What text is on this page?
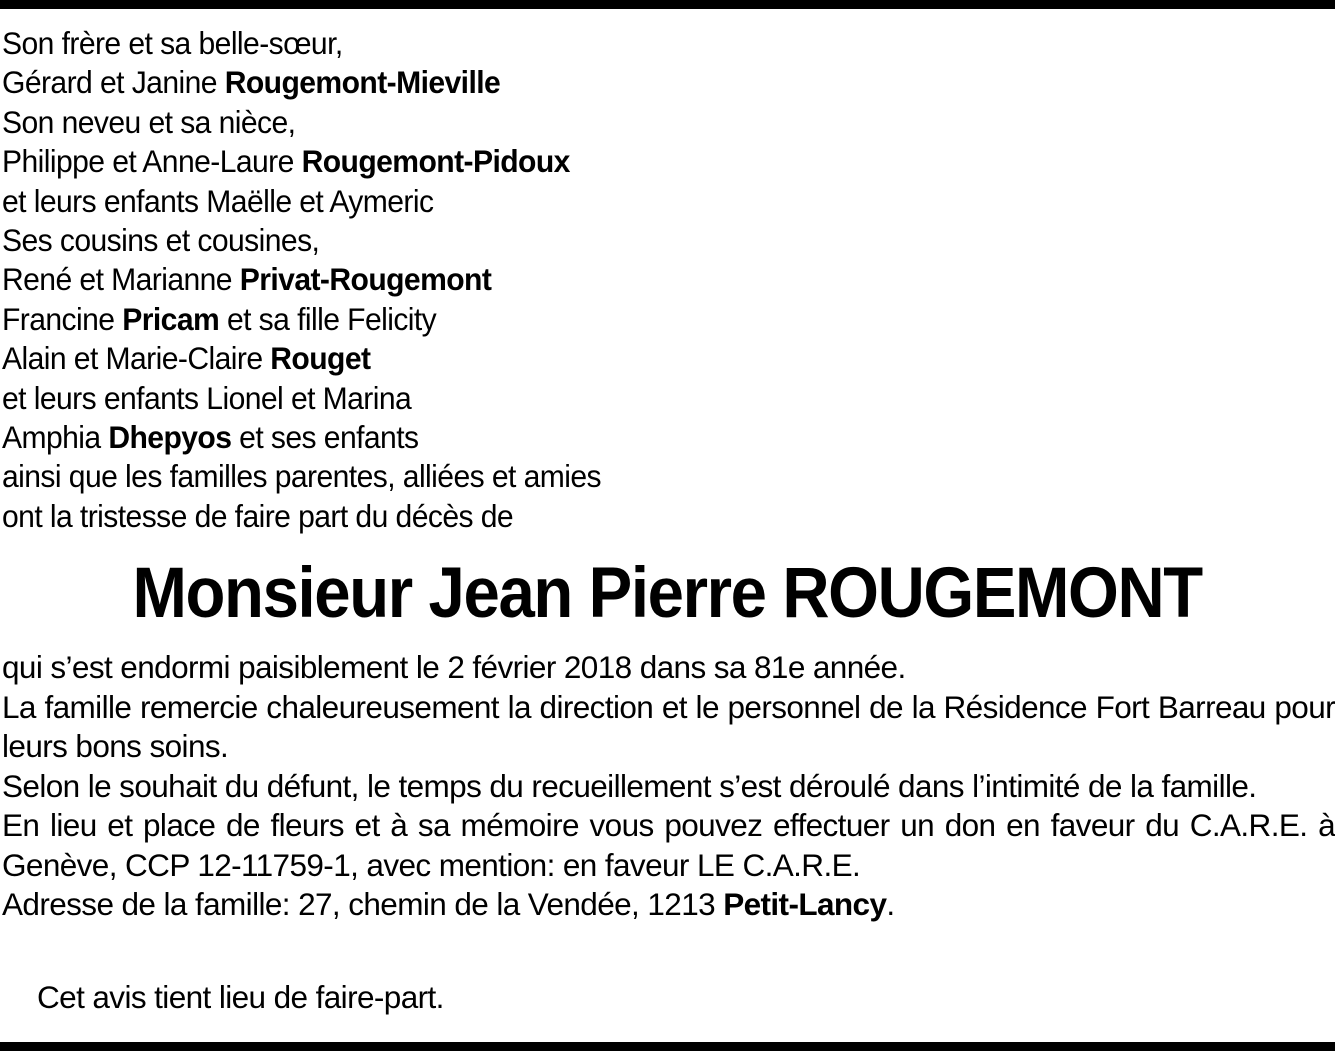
Son frère et sa belle-sœur,
Gérard et Janine Rougemont-Mieville
Son neveu et sa nièce,
Philippe et Anne-Laure Rougemont-Pidoux
et leurs enfants Maëlle et Aymeric
Ses cousins et cousines,
René et Marianne Privat-Rougemont
Francine Pricam et sa fille Felicity
Alain et Marie-Claire Rouget
et leurs enfants Lionel et Marina
Amphia Dhepyos et ses enfants
ainsi que les familles parentes, alliées et amies
ont la tristesse de faire part du décès de
Monsieur Jean Pierre ROUGEMONT
qui s’est endormi paisiblement le 2 février 2018 dans sa 81e année.
La famille remercie chaleureusement la direction et le personnel de la Résidence Fort Barreau pour leurs bons soins.
Selon le souhait du défunt, le temps du recueillement s’est déroulé dans l’intimité de la famille.
En lieu et place de fleurs et à sa mémoire vous pouvez effectuer un don en faveur du C.A.R.E. à Genève, CCP 12-11759-1, avec mention: en faveur LE C.A.R.E.
Adresse de la famille: 27, chemin de la Vendée, 1213 Petit-Lancy.
Cet avis tient lieu de faire-part.
